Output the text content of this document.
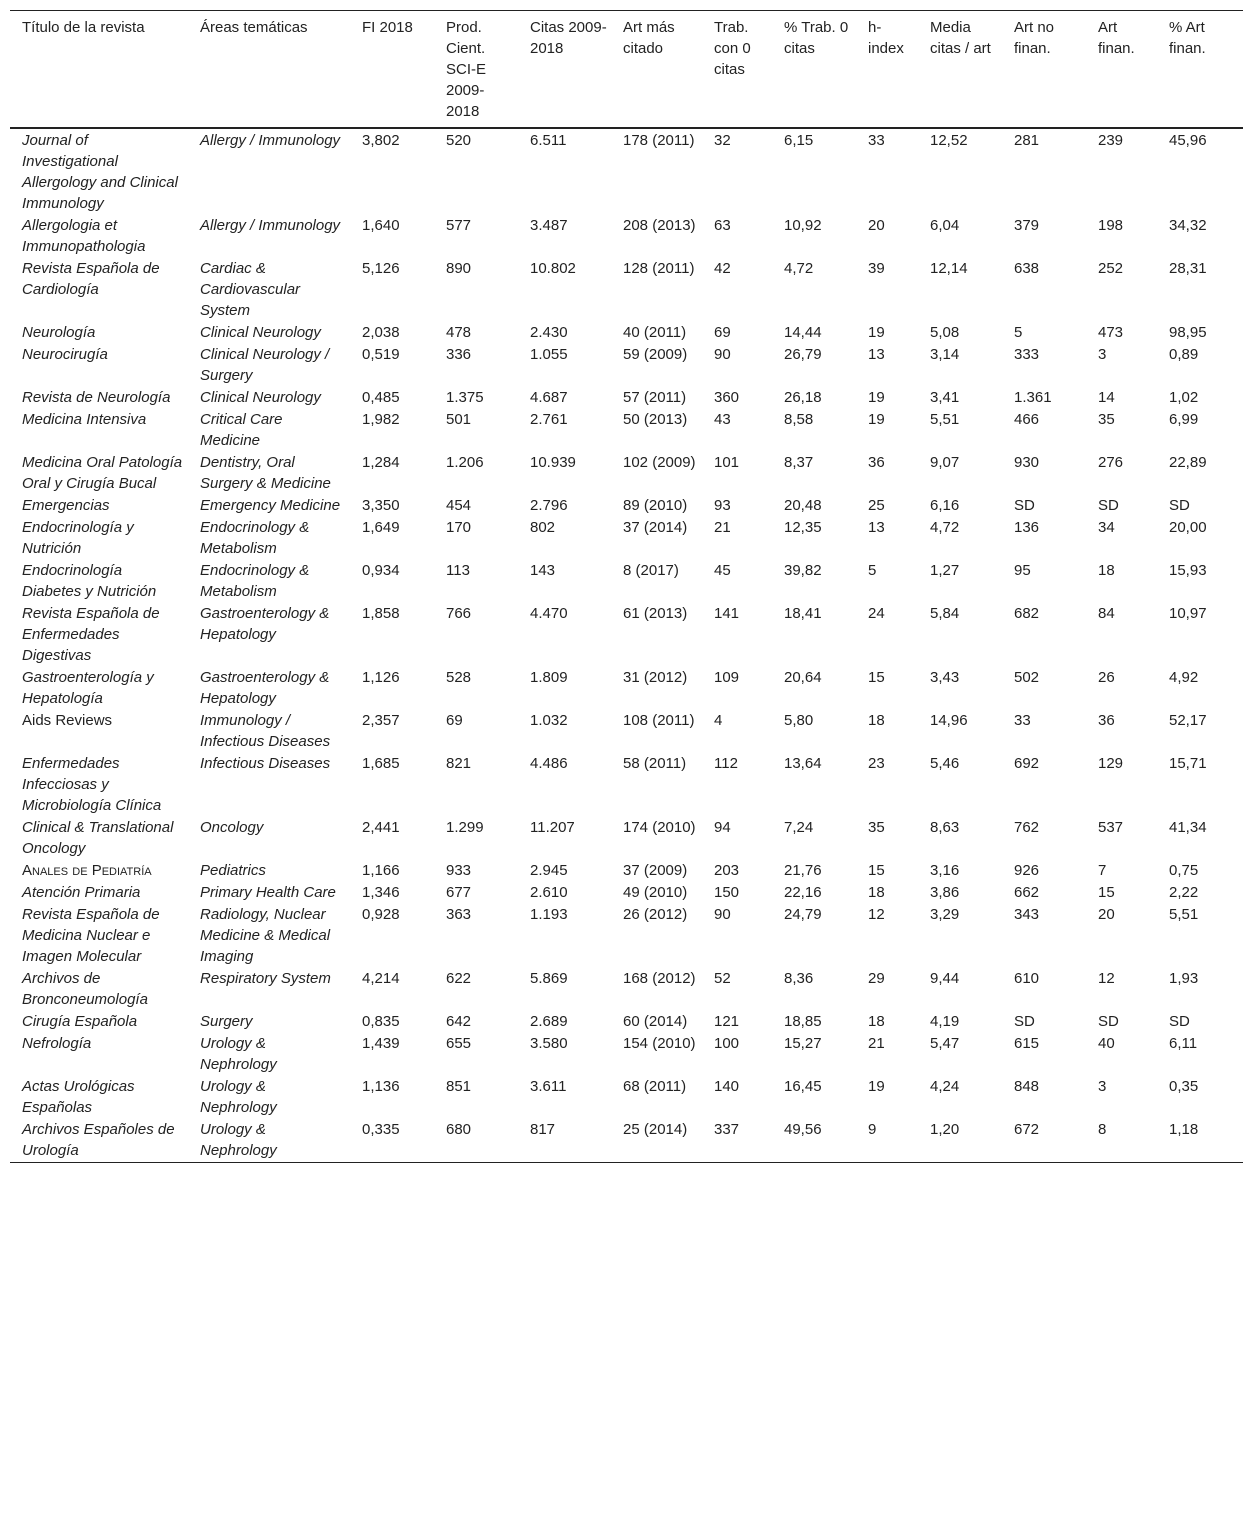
Título de la revista	Áreas temáticas	FI 2018	Prod. Cient. SCI-E 2009-2018	Citas 2009-2018	Art más citado	Trab. con 0 citas	% Trab. 0 citas	h-index	Media citas / art	Art no finan.	Art finan.	% Art finan.
Journal of Investigational Allergology and Clinical Immunology	Allergy / Immunology	3,802	520	6.511	178 (2011)	32	6,15	33	12,52	281	239	45,96
Allergologia et Immunopathologia	Allergy / Immunology	1,640	577	3.487	208 (2013)	63	10,92	20	6,04	379	198	34,32
Revista Española de Cardiología	Cardiac & Cardiovascular System	5,126	890	10.802	128 (2011)	42	4,72	39	12,14	638	252	28,31
Neurología	Clinical Neurology	2,038	478	2.430	40 (2011)	69	14,44	19	5,08	5	473	98,95
Neurocirugía	Clinical Neurology / Surgery	0,519	336	1.055	59 (2009)	90	26,79	13	3,14	333	3	0,89
Revista de Neurología	Clinical Neurology	0,485	1.375	4.687	57 (2011)	360	26,18	19	3,41	1.361	14	1,02
Medicina Intensiva	Critical Care Medicine	1,982	501	2.761	50 (2013)	43	8,58	19	5,51	466	35	6,99
Medicina Oral Patología Oral y Cirugía Bucal	Dentistry, Oral Surgery & Medicine	1,284	1.206	10.939	102 (2009)	101	8,37	36	9,07	930	276	22,89
Emergencias	Emergency Medicine	3,350	454	2.796	89 (2010)	93	20,48	25	6,16	SD	SD	SD
Endocrinología y Nutrición	Endocrinology & Metabolism	1,649	170	802	37 (2014)	21	12,35	13	4,72	136	34	20,00
Endocrinología Diabetes y Nutrición	Endocrinology & Metabolism	0,934	113	143	8 (2017)	45	39,82	5	1,27	95	18	15,93
Revista Española de Enfermedades Digestivas	Gastroenterology & Hepatology	1,858	766	4.470	61 (2013)	141	18,41	24	5,84	682	84	10,97
Gastroenterología y Hepatología	Gastroenterology & Hepatology	1,126	528	1.809	31 (2012)	109	20,64	15	3,43	502	26	4,92
Aids Reviews	Immunology / Infectious Diseases	2,357	69	1.032	108 (2011)	4	5,80	18	14,96	33	36	52,17
Enfermedades Infecciosas y Microbiología Clínica	Infectious Diseases	1,685	821	4.486	58 (2011)	112	13,64	23	5,46	692	129	15,71
Clinical & Translational Oncology	Oncology	2,441	1.299	11.207	174 (2010)	94	7,24	35	8,63	762	537	41,34
Anales de Pediatría	Pediatrics	1,166	933	2.945	37 (2009)	203	21,76	15	3,16	926	7	0,75
Atención Primaria	Primary Health Care	1,346	677	2.610	49 (2010)	150	22,16	18	3,86	662	15	2,22
Revista Española de Medicina Nuclear e Imagen Molecular	Radiology, Nuclear Medicine & Medical Imaging	0,928	363	1.193	26 (2012)	90	24,79	12	3,29	343	20	5,51
Archivos de Bronconeumología	Respiratory System	4,214	622	5.869	168 (2012)	52	8,36	29	9,44	610	12	1,93
Cirugía Española	Surgery	0,835	642	2.689	60 (2014)	121	18,85	18	4,19	SD	SD	SD
Nefrología	Urology & Nephrology	1,439	655	3.580	154 (2010)	100	15,27	21	5,47	615	40	6,11
Actas Urológicas Españolas	Urology & Nephrology	1,136	851	3.611	68 (2011)	140	16,45	19	4,24	848	3	0,35
Archivos Españoles de Urología	Urology & Nephrology	0,335	680	817	25 (2014)	337	49,56	9	1,20	672	8	1,18
